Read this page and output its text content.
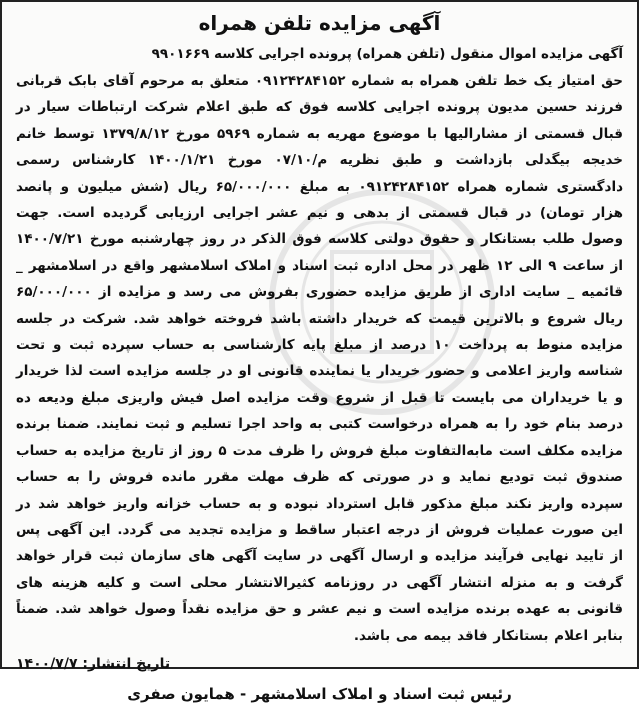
آگهی مزایده تلفن همراه

آگهی مزایده اموال منقول (تلفن همراه) پرونده اجرایی کلاسه ۹۹۰۱۶۶۹

حق امتیاز یک خط تلفن همراه به شماره ۰۹۱۲۴۲۸۴۱۵۲ متعلق به مرحوم آقای بابک قربانی فرزند حسین مدیون پرونده اجرایی کلاسه فوق که طبق اعلام شرکت ارتباطات سیار در قبال قسمتی از مشارالیها با موضوع مهریه به شماره ۵۹۶۹ مورخ ۱۳۷۹/۸/۱۲ توسط خانم خدیجه بیگدلی بازداشت و طبق نظریه م/۰۷/۱۰ مورخ ۱۴۰۰/۱/۲۱ کارشناس رسمی دادگستری شماره همراه ۰۹۱۲۴۲۸۴۱۵۲ به مبلغ ۶۵/۰۰۰/۰۰۰ ریال (شش میلیون و پانصد هزار تومان) در قبال قسمتی از بدهی و نیم عشر اجرایی ارزیابی گردیده است. جهت وصول طلب بستانکار و حقوق دولتی کلاسه فوق الذکر در روز چهارشنبه مورخ ۱۴۰۰/۷/۲۱ از ساعت ۹ الی ۱۲ ظهر در محل اداره ثبت اسناد و املاک اسلامشهر واقع در اسلامشهر _ قائمیه _ سایت اداری از طریق مزایده حضوری بفروش می رسد و مزایده از ۶۵/۰۰۰/۰۰۰ ریال شروع و بالاترین قیمت که خریدار داشته باشد فروخته خواهد شد. شرکت در جلسه مزایده منوط به پرداخت ۱۰ درصد از مبلغ پایه کارشناسی به حساب سپرده ثبت و تحت شناسه واریز اعلامی و حضور خریدار یا نماینده قانونی او در جلسه مزایده است لذا خریدار و یا خریداران می بایست تا قبل از شروع وقت مزایده اصل فیش واریزی مبلغ ودیعه ده درصد بنام خود را به همراه درخواست کتبی به واحد اجرا تسلیم و ثبت نمایند. ضمنا برنده مزایده مکلف است مابه‌التفاوت مبلغ فروش را ظرف مدت ۵ روز از تاریخ مزایده به حساب صندوق ثبت تودیع نماید و در صورتی که ظرف مهلت مقرر مانده فروش را به حساب سپرده واریز نکند مبلغ مذکور قابل استرداد نبوده و به حساب خزانه واریز خواهد شد در این صورت عملیات فروش از درجه اعتبار ساقط و مزایده تجدید می گردد. این آگهی پس از تایید نهایی فرآیند مزایده و ارسال آگهی در سایت آگهی های سازمان ثبت قرار خواهد گرفت و به منزله انتشار آگهی در روزنامه کثیرالانتشار محلی است و کلیه هزینه های قانونی به عهده برنده مزایده است و نیم عشر و حق مزایده نقداً وصول خواهد شد. ضمناً بنابر اعلام بستانکار فاقد بیمه می باشد.

تاریخ انتشار: ۱۴۰۰/۷/۷

رئیس ثبت اسناد و املاک اسلامشهر - همایون صفری
